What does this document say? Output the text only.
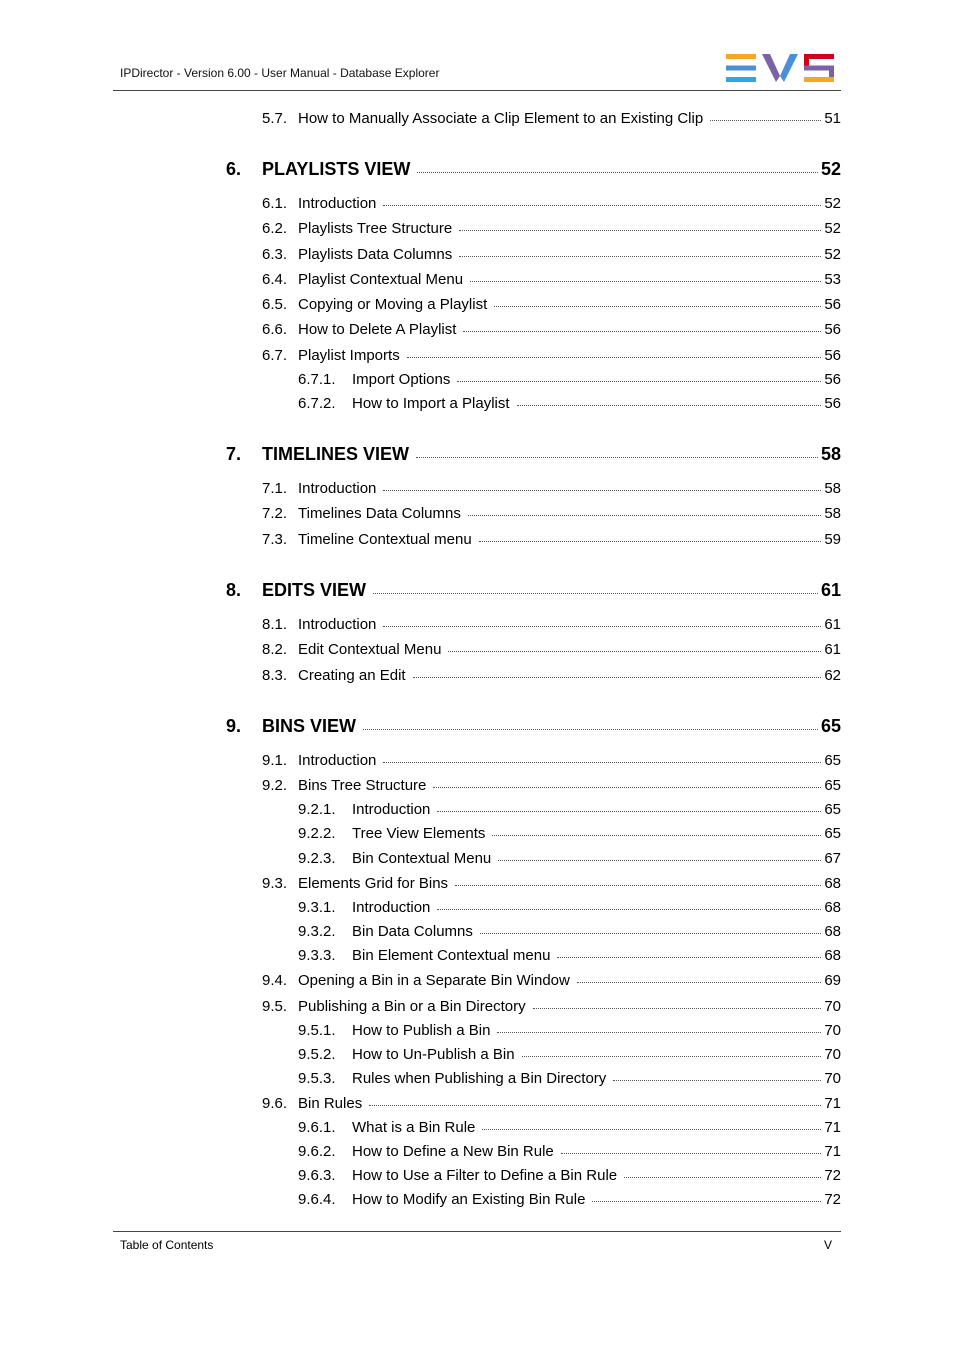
IPDirector - Version 6.00 - User Manual - Database Explorer
5.7. How to Manually Associate a Clip Element to an Existing Clip	51
6.	PLAYLISTS VIEW	52
6.1. Introduction	52
6.2. Playlists Tree Structure	52
6.3. Playlists Data Columns	52
6.4. Playlist Contextual Menu	53
6.5. Copying or Moving a Playlist	56
6.6. How to Delete A Playlist	56
6.7. Playlist Imports	56
6.7.1.	Import Options	56
6.7.2.	How to Import a Playlist	56
7.	TIMELINES VIEW	58
7.1. Introduction	58
7.2. Timelines Data Columns	58
7.3. Timeline Contextual menu	59
8.	EDITS VIEW	61
8.1. Introduction	61
8.2. Edit Contextual Menu	61
8.3. Creating an Edit	62
9.	BINS VIEW	65
9.1. Introduction	65
9.2. Bins Tree Structure	65
9.2.1.	Introduction	65
9.2.2.	Tree View Elements	65
9.2.3.	Bin Contextual Menu	67
9.3. Elements Grid for Bins	68
9.3.1.	Introduction	68
9.3.2.	Bin Data Columns	68
9.3.3.	Bin Element Contextual menu	68
9.4. Opening a Bin in a Separate Bin Window	69
9.5. Publishing a Bin or a Bin Directory	70
9.5.1.	How to Publish a Bin	70
9.5.2.	How to Un-Publish a Bin	70
9.5.3.	Rules when Publishing a Bin Directory	70
9.6. Bin Rules	71
9.6.1.	What is a Bin Rule	71
9.6.2.	How to Define a New Bin Rule	71
9.6.3.	How to Use a Filter to Define a Bin Rule	72
9.6.4.	How to Modify an Existing Bin Rule	72
Table of Contents	V
